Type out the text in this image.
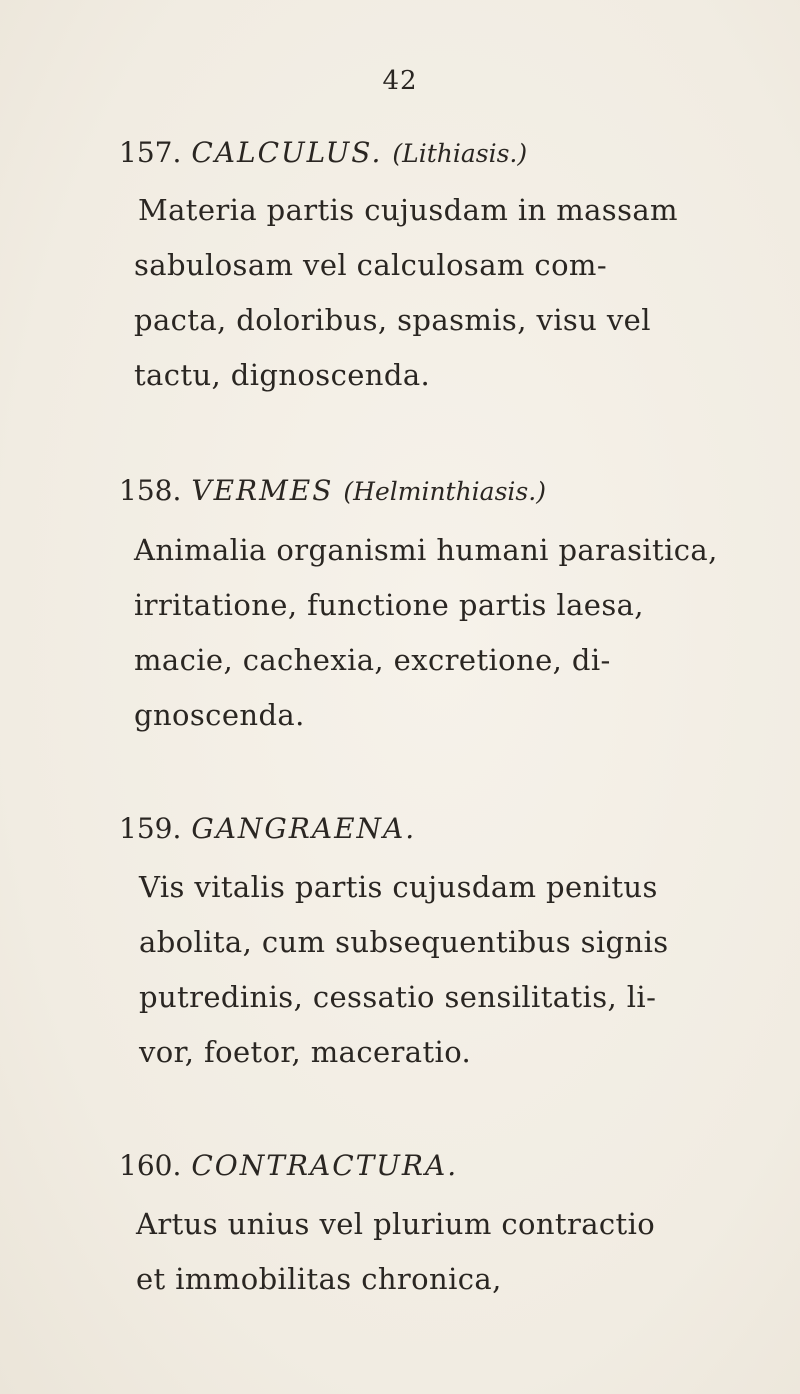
42
157. CALCULUS. (Lithiasis.)
Materia partis cujusdam in massam
sabulosam vel calculosam com-
pacta, doloribus, spasmis, visu vel
tactu, dignoscenda.
158. VERMES (Helminthiasis.)
Animalia organismi humani parasitica,
irritatione, functione partis laesa,
macie, cachexia, excretione, di-
gnoscenda.
159. GANGRAENA.
Vis vitalis partis cujusdam penitus
abolita, cum subsequentibus signis
putredinis, cessatio sensilitatis, li-
vor, foetor, maceratio.
160. CONTRACTURA.
Artus unius vel plurium contractio
et immobilitas chronica,
